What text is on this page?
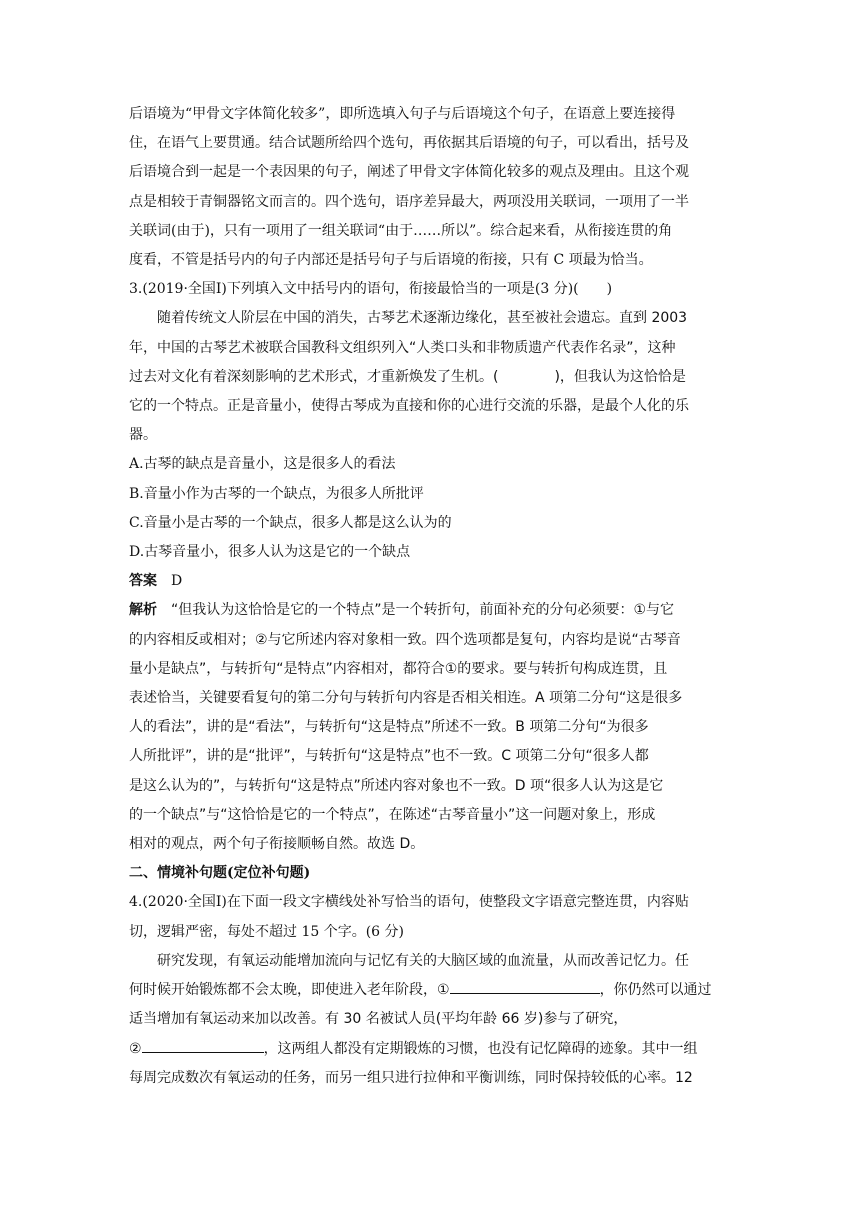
后语境为“甲骨文字体简化较多”，即所选填入句子与后语境这个句子，在语意上要连接得

住，在语气上要贯通。结合试题所给四个选句，再依据其后语境的句子，可以看出，括号及

后语境合到一起是一个表因果的句子，阐述了甲骨文字体简化较多的观点及理由。且这个观

点是相较于青铜器铭文而言的。四个选句，语序差异最大，两项没用关联词，一项用了一半

关联词(由于)，只有一项用了一组关联词“由于……所以”。综合起来看，从衔接连贯的角

度看，不管是括号内的句子内部还是括号句子与后语境的衔接，只有 C 项最为恰当。

3.(2019·全国Ⅰ)下列填入文中括号内的语句，衔接最恰当的一项是(3 分)(　　)

随着传统文人阶层在中国的消失，古琴艺术逐渐边缘化，甚至被社会遗忘。直到 2003

年，中国的古琴艺术被联合国教科文组织列入“人类口头和非物质遗产代表作名录”，这种

过去对文化有着深刻影响的艺术形式，才重新焕发了生机。(　　　　)，但我认为这恰恰是

它的一个特点。正是音量小，使得古琴成为直接和你的心进行交流的乐器，是最个人化的乐

器。

A.古琴的缺点是音量小，这是很多人的看法

B.音量小作为古琴的一个缺点，为很多人所批评

C.音量小是古琴的一个缺点，很多人都是这么认为的

D.古琴音量小，很多人认为这是它的一个缺点

答案 D

解析 “但我认为这恰恰是它的一个特点”是一个转折句，前面补充的分句必须要：①与它

的内容相反或相对；②与它所述内容对象相一致。四个选项都是复句，内容均是说“古琴音

量小是缺点”，与转折句“是特点”内容相对，都符合①的要求。要与转折句构成连贯，且

表述恰当，关键要看复句的第二分句与转折句内容是否相关相连。A 项第二分句“这是很多

人的看法”，讲的是“看法”，与转折句“这是特点”所述不一致。B 项第二分句“为很多

人所批评”，讲的是“批评”，与转折句“这是特点”也不一致。C 项第二分句“很多人都

是这么认为的”，与转折句“这是特点”所述内容对象也不一致。D 项“很多人认为这是它

的一个缺点”与“这恰恰是它的一个特点”，在陈述“古琴音量小”这一问题对象上，形成

相对的观点，两个句子衔接顺畅自然。故选 D。

二、情境补句题(定位补句题)

4.(2020·全国Ⅰ)在下面一段文字横线处补写恰当的语句，使整段文字语意完整连贯，内容贴

切，逻辑严密，每处不超过 15 个字。(6 分)

研究发现，有氧运动能增加流向与记忆有关的大脑区域的血流量，从而改善记忆力。任

何时候开始锻炼都不会太晚，即使进入老年阶段，①	，你仍然可以通过

适当增加有氧运动来加以改善。有 30 名被试人员(平均年龄 66 岁)参与了研究，

②	，这两组人都没有定期锻炼的习惯，也没有记忆障碍的迹象。其中一组

每周完成数次有氧运动的任务，而另一组只进行拉伸和平衡训练，同时保持较低的心率。12
